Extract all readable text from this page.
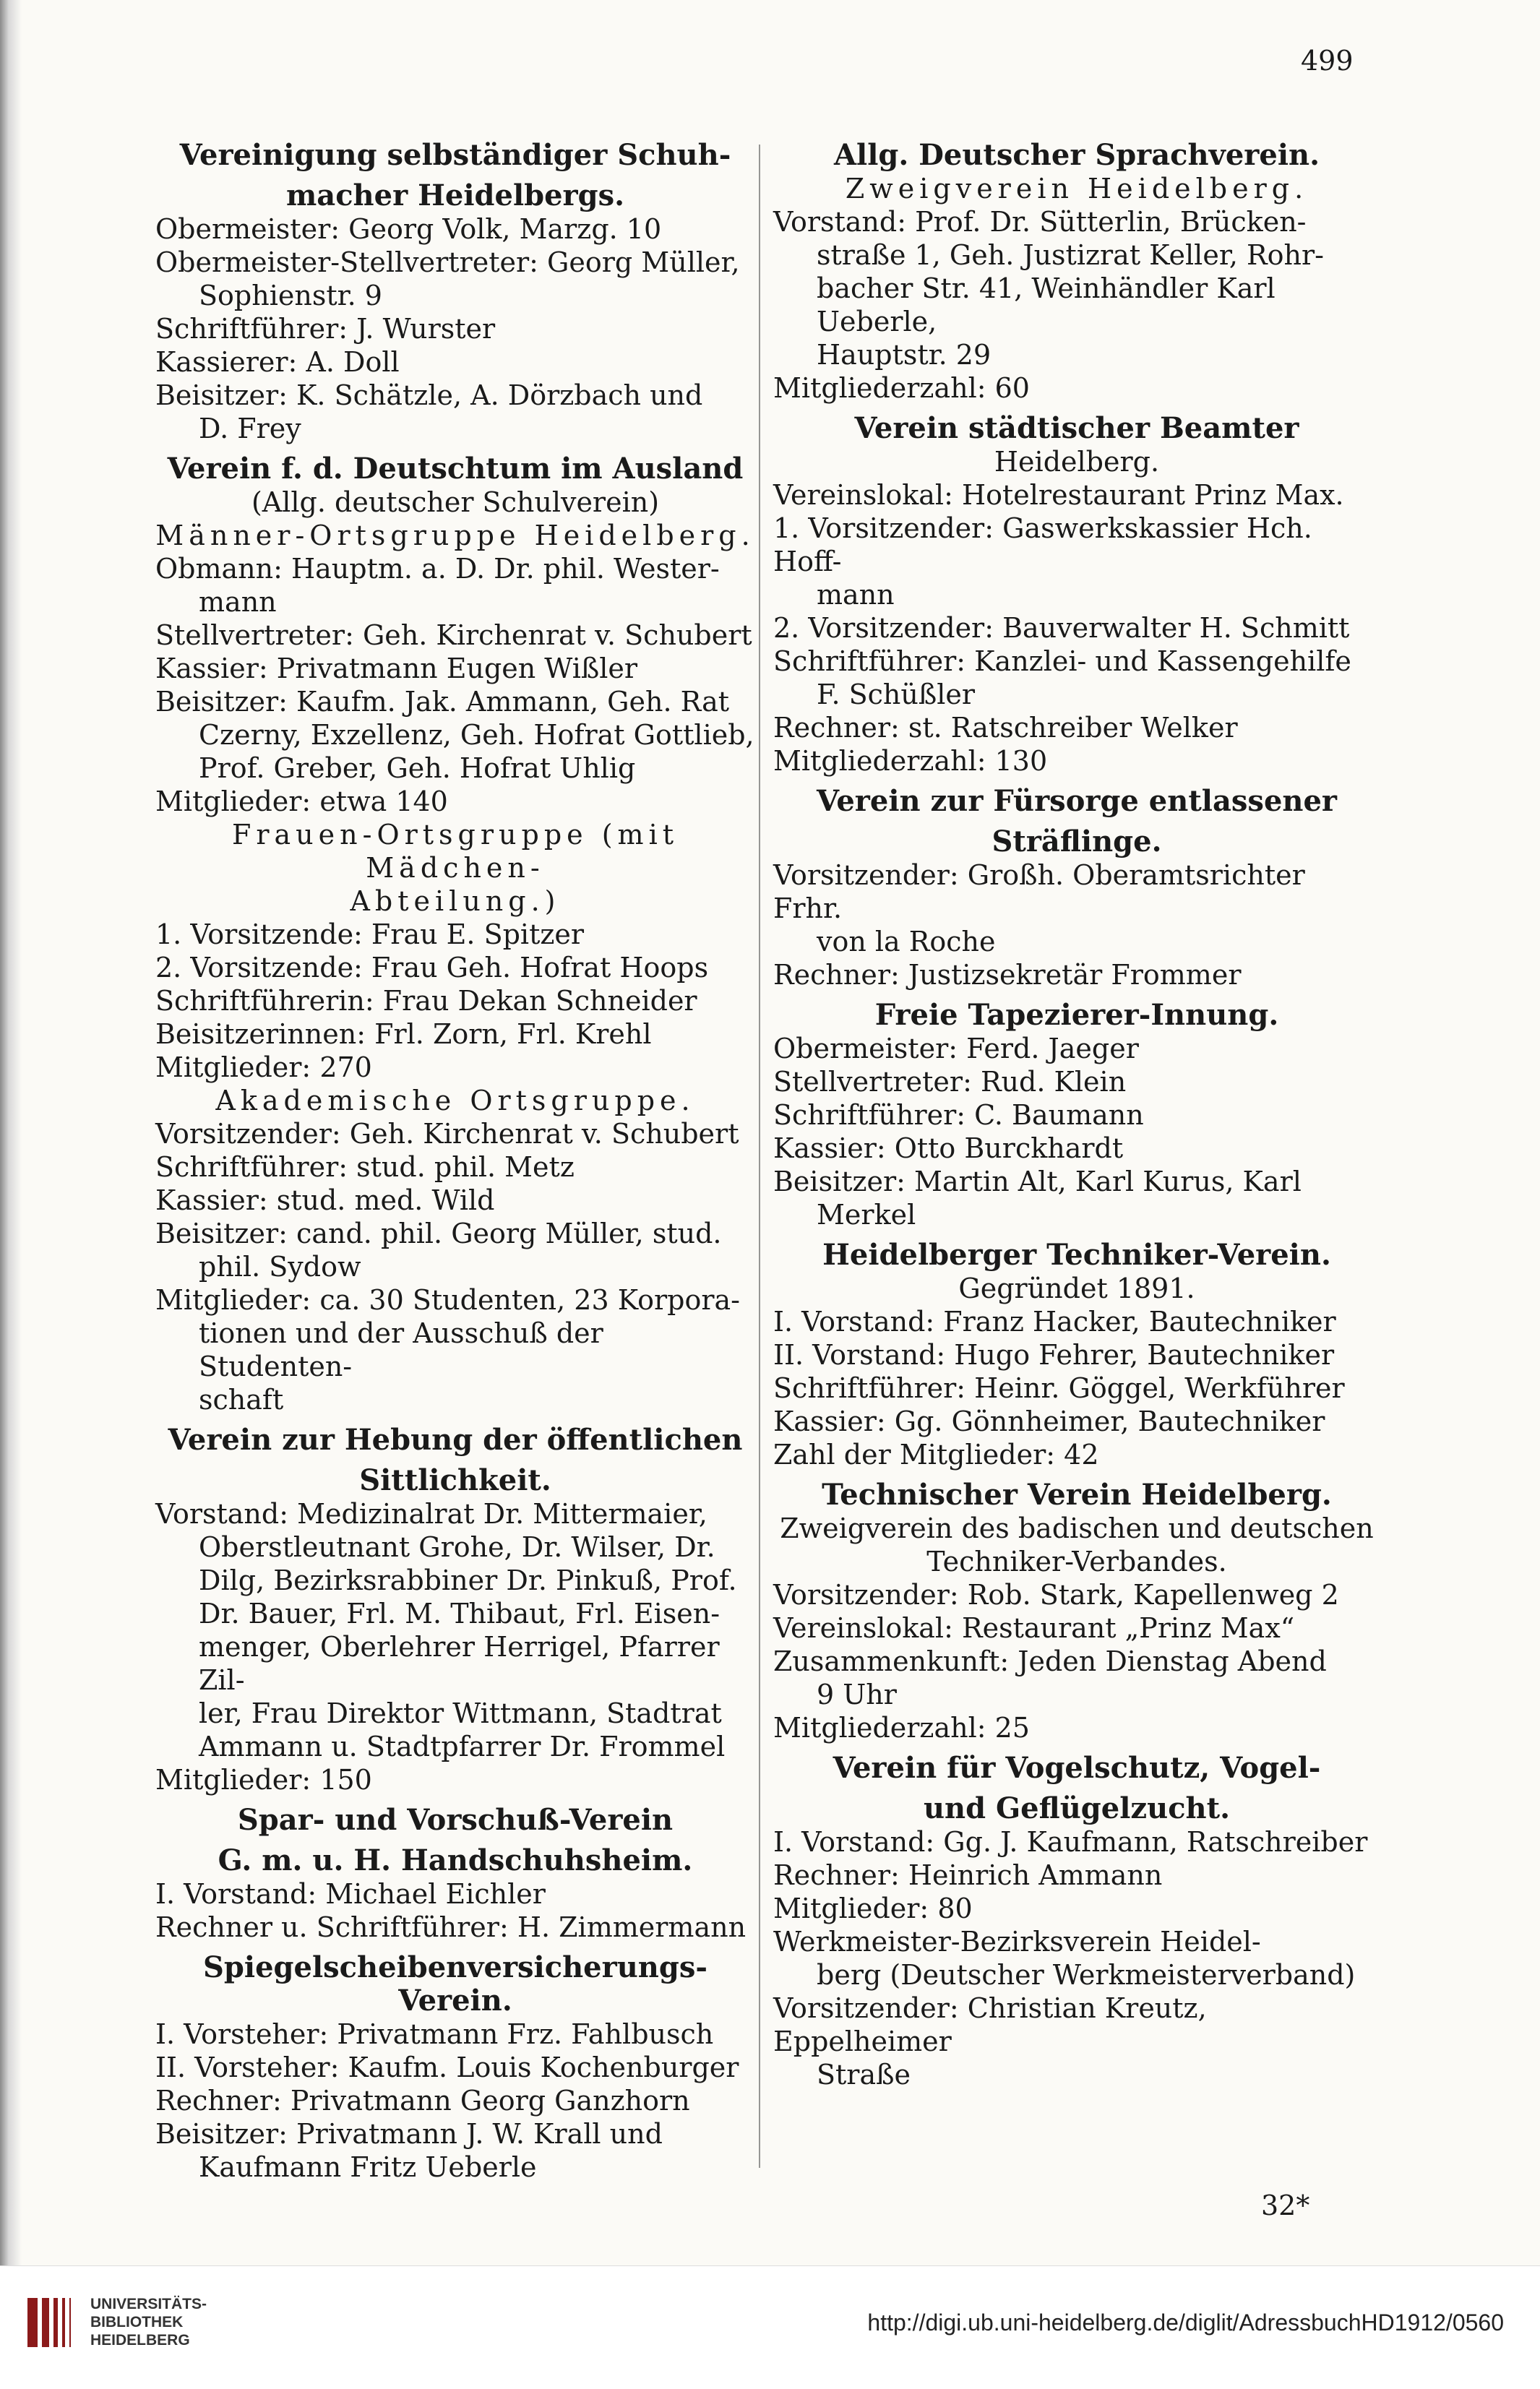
499
Vereinigung selbständiger Schuh-
macher Heidelbergs.
Obermeister: Georg Volk, Marzg. 10
Obermeister-Stellvertreter: Georg Müller,
Sophienstr. 9
Schriftführer: J. Wurster
Kassierer: A. Doll
Beisitzer: K. Schätzle, A. Dörzbach und
D. Frey
Verein f. d. Deutschtum im Ausland
(Allg. deutscher Schulverein)
Männer-Ortsgruppe Heidelberg.
Obmann: Hauptm. a. D. Dr. phil. Wester-
mann
Stellvertreter: Geh. Kirchenrat v. Schubert
Kassier: Privatmann Eugen Wißler
Beisitzer: Kaufm. Jak. Ammann, Geh. Rat
Czerny, Exzellenz, Geh. Hofrat Gottlieb,
Prof. Greber, Geh. Hofrat Uhlig
Mitglieder: etwa 140
Frauen-Ortsgruppe (mit Mädchen-
Abteilung.)
1. Vorsitzende: Frau E. Spitzer
2. Vorsitzende: Frau Geh. Hofrat Hoops
Schriftführerin: Frau Dekan Schneider
Beisitzerinnen: Frl. Zorn, Frl. Krehl
Mitglieder: 270
Akademische Ortsgruppe.
Vorsitzender: Geh. Kirchenrat v. Schubert
Schriftführer: stud. phil. Metz
Kassier: stud. med. Wild
Beisitzer: cand. phil. Georg Müller, stud.
phil. Sydow
Mitglieder: ca. 30 Studenten, 23 Korpora-
tionen und der Ausschuß der Studenten-
schaft
Verein zur Hebung der öffentlichen
Sittlichkeit.
Vorstand: Medizinalrat Dr. Mittermaier,
Oberstleutnant Grohe, Dr. Wilser, Dr.
Dilg, Bezirksrabbiner Dr. Pinkuß, Prof.
Dr. Bauer, Frl. M. Thibaut, Frl. Eisen-
menger, Oberlehrer Herrigel, Pfarrer Zil-
ler, Frau Direktor Wittmann, Stadtrat
Ammann u. Stadtpfarrer Dr. Frommel
Mitglieder: 150
Spar- und Vorschuß-Verein
G. m. u. H. Handschuhsheim.
I. Vorstand: Michael Eichler
Rechner u. Schriftführer: H. Zimmermann
Spiegelscheibenversicherungs-Verein.
I. Vorsteher: Privatmann Frz. Fahlbusch
II. Vorsteher: Kaufm. Louis Kochenburger
Rechner: Privatmann Georg Ganzhorn
Beisitzer: Privatmann J. W. Krall und
Kaufmann Fritz Ueberle
Allg. Deutscher Sprachverein.
Zweigverein Heidelberg.
Vorstand: Prof. Dr. Sütterlin, Brücken-
straße 1, Geh. Justizrat Keller, Rohr-
bacher Str. 41, Weinhändler Karl Ueberle,
Hauptstr. 29
Mitgliederzahl: 60
Verein städtischer Beamter
Heidelberg.
Vereinslokal: Hotelrestaurant Prinz Max.
1. Vorsitzender: Gaswerkskassier Hch. Hoff-
mann
2. Vorsitzender: Bauverwalter H. Schmitt
Schriftführer: Kanzlei- und Kassengehilfe
F. Schüßler
Rechner: st. Ratschreiber Welker
Mitgliederzahl: 130
Verein zur Fürsorge entlassener
Sträflinge.
Vorsitzender: Großh. Oberamtsrichter Frhr.
von la Roche
Rechner: Justizsekretär Frommer
Freie Tapezierer-Innung.
Obermeister: Ferd. Jaeger
Stellvertreter: Rud. Klein
Schriftführer: C. Baumann
Kassier: Otto Burckhardt
Beisitzer: Martin Alt, Karl Kurus, Karl
Merkel
Heidelberger Techniker-Verein.
Gegründet 1891.
I. Vorstand: Franz Hacker, Bautechniker
II. Vorstand: Hugo Fehrer, Bautechniker
Schriftführer: Heinr. Göggel, Werkführer
Kassier: Gg. Gönnheimer, Bautechniker
Zahl der Mitglieder: 42
Technischer Verein Heidelberg.
Zweigverein des badischen und deutschen
Techniker-Verbandes.
Vorsitzender: Rob. Stark, Kapellenweg 2
Vereinslokal: Restaurant „Prinz Max“
Zusammenkunft: Jeden Dienstag Abend
9 Uhr
Mitgliederzahl: 25
Verein für Vogelschutz, Vogel-
und Geflügelzucht.
I. Vorstand: Gg. J. Kaufmann, Ratschreiber
Rechner: Heinrich Ammann
Mitglieder: 80
Werkmeister-Bezirksverein Heidel-
berg (Deutscher Werkmeisterverband)
Vorsitzender: Christian Kreutz, Eppelheimer
Straße
32*
UNIVERSITÄTS-
BIBLIOTHEK
HEIDELBERG
http://digi.ub.uni-heidelberg.de/diglit/AdressbuchHD1912/0560
